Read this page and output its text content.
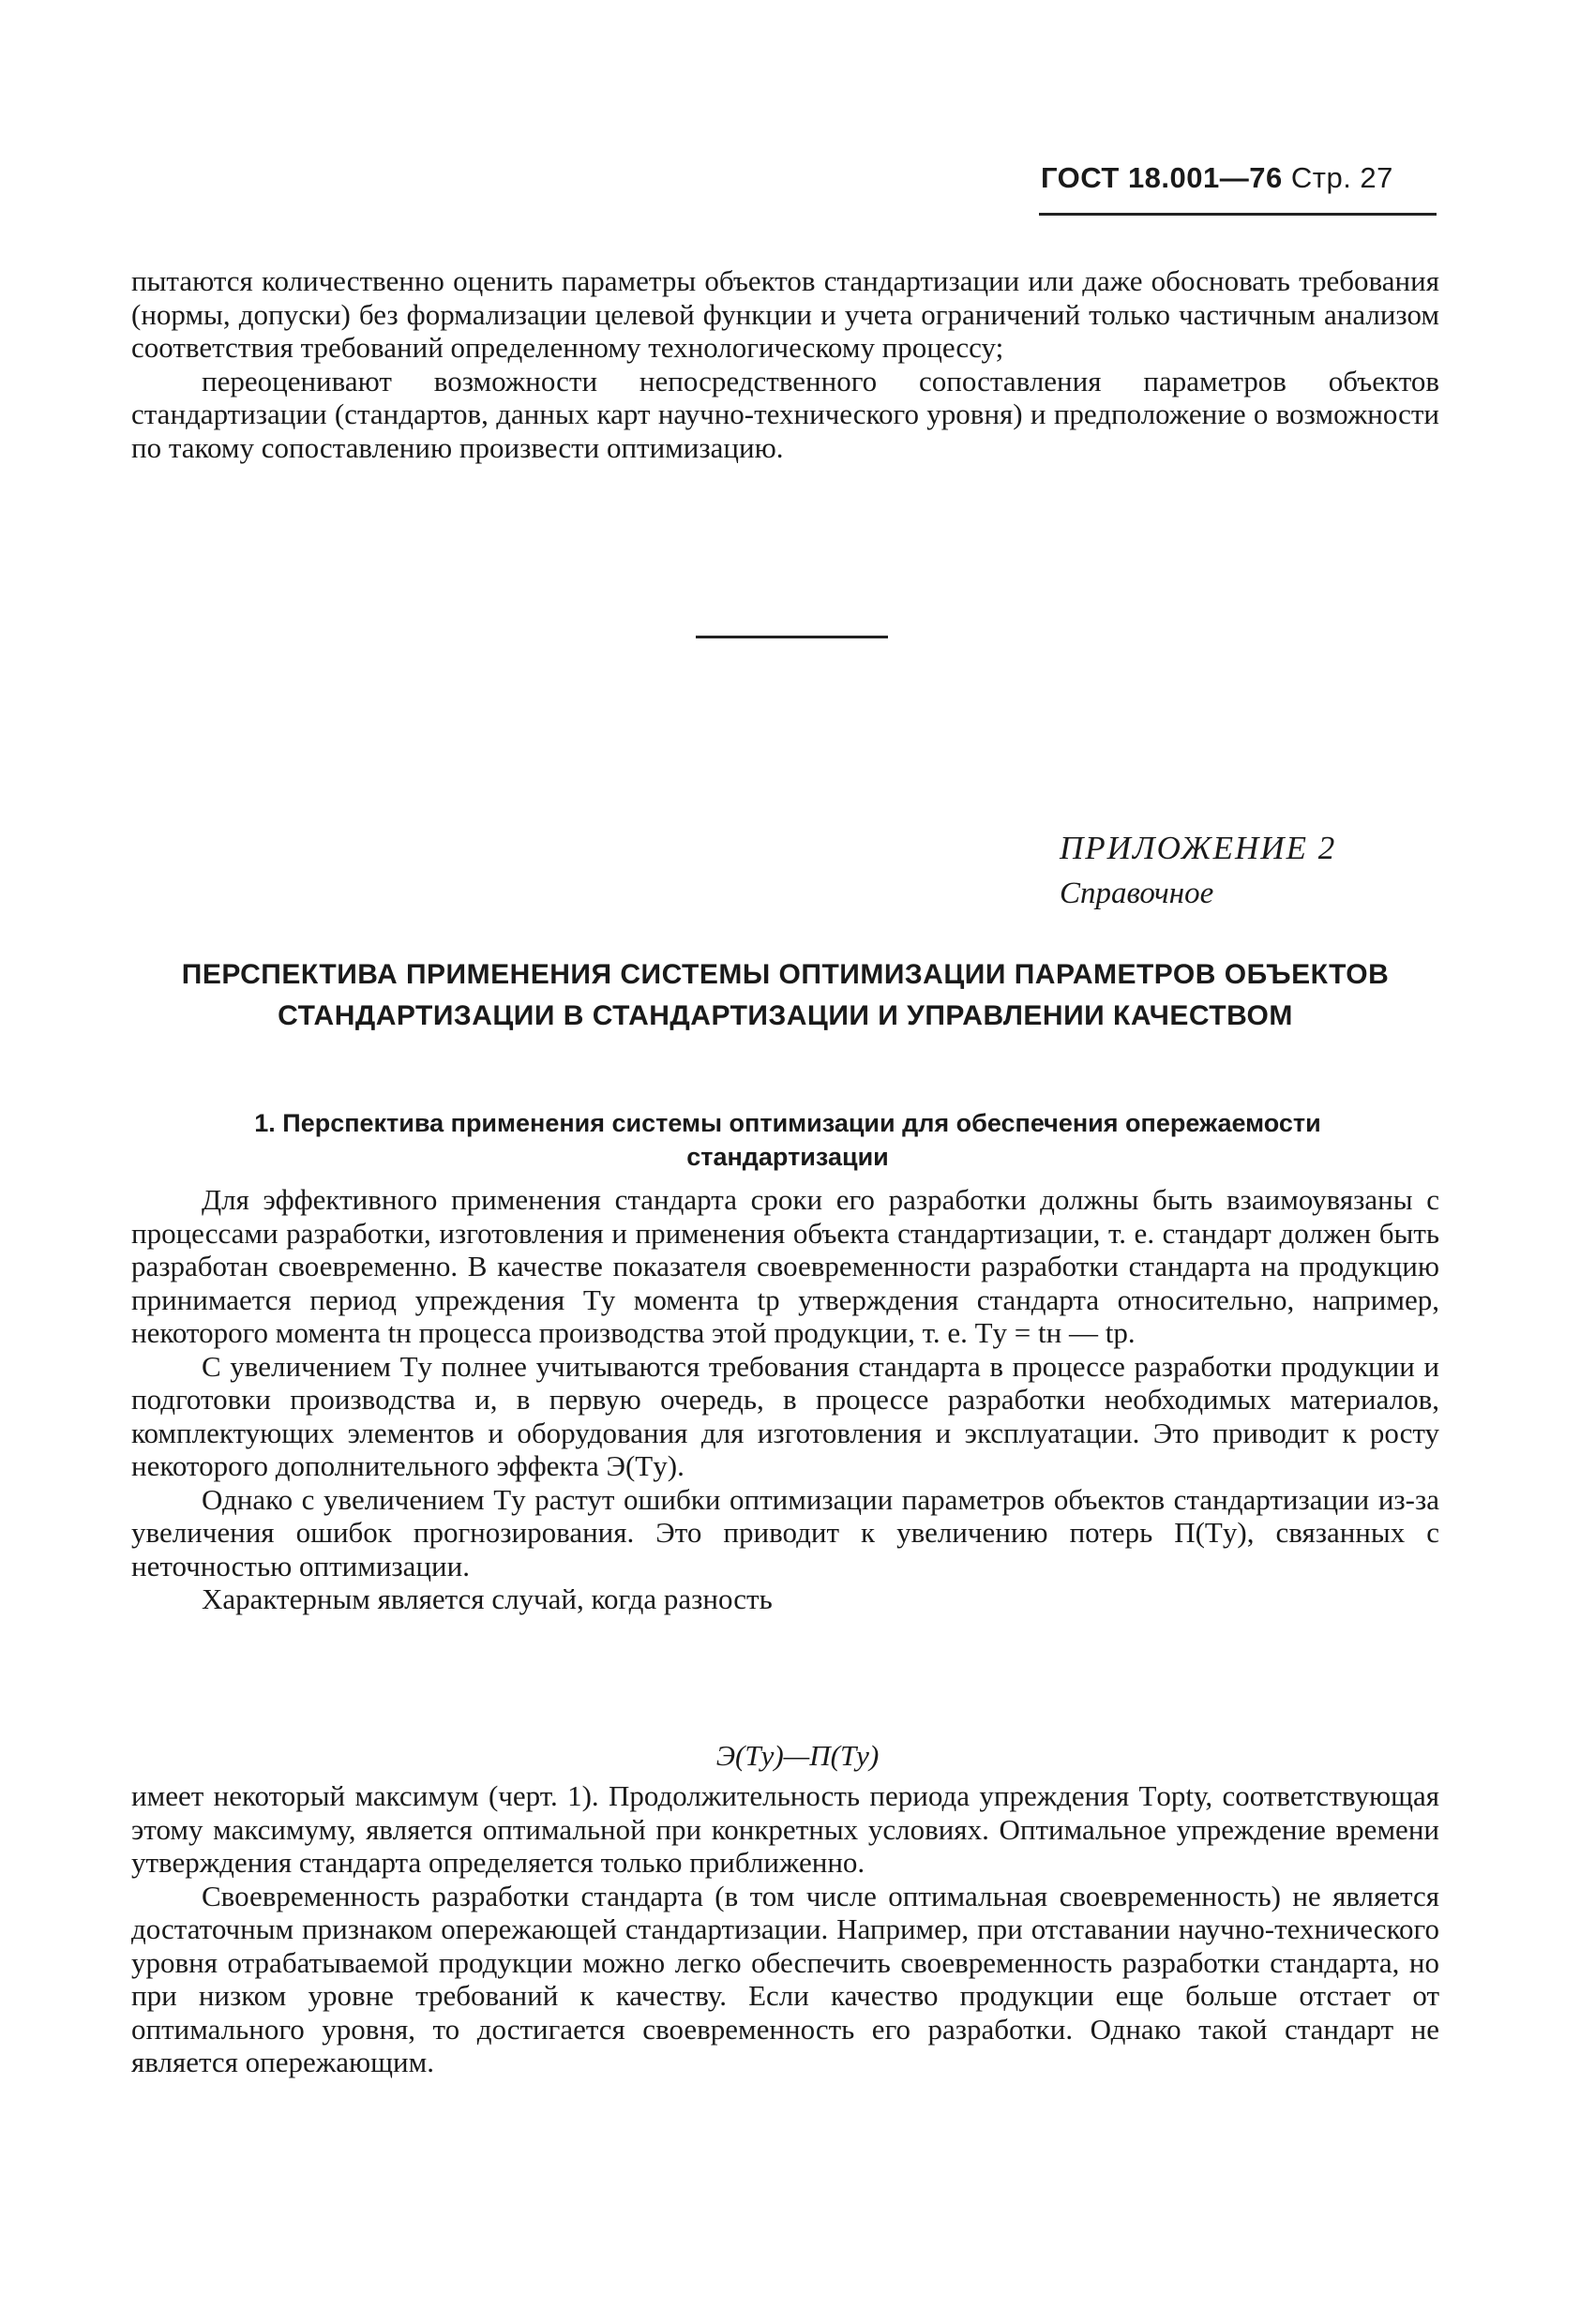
ГОСТ 18.001—76 Стр. 27

пытаются количественно оценить параметры объектов стандартизации или даже обосновать требования (нормы, допуски) без формализации целевой функции и учета ограничений только частичным анализом соответствия требований определенному технологическому процессу;

переоценивают возможности непосредственного сопоставления параметров объектов стандартизации (стандартов, данных карт научно-технического уровня) и предположение о возможности по такому сопоставлению произвести оптимизацию.

ПРИЛОЖЕНИЕ 2
Справочное
ПЕРСПЕКТИВА ПРИМЕНЕНИЯ СИСТЕМЫ ОПТИМИЗАЦИИ ПАРАМЕТРОВ ОБЪЕКТОВ СТАНДАРТИЗАЦИИ В СТАНДАРТИЗАЦИИ И УПРАВЛЕНИИ КАЧЕСТВОМ
1. Перспектива применения системы оптимизации для обеспечения опережаемости стандартизации

Для эффективного применения стандарта сроки его разработки должны быть взаимоувязаны с процессами разработки, изготовления и применения объекта стандартизации, т. е. стандарт должен быть разработан своевременно. В качестве показателя своевременности разработки стандарта на продукцию принимается период упреждения Tу момента tр утверждения стандарта относительно, например, некоторого момента tн процесса производства этой продукции, т. е. Tу = tн — tр.

С увеличением Tу полнее учитываются требования стандарта в процессе разработки продукции и подготовки производства и, в первую очередь, в процессе разработки необходимых материалов, комплектующих элементов и оборудования для изготовления и эксплуатации. Это приводит к росту некоторого дополнительного эффекта Э(Tу).

Однако с увеличением Tу растут ошибки оптимизации параметров объектов стандартизации из-за увеличения ошибок прогнозирования. Это приводит к увеличению потерь П(Tу), связанных с неточностью оптимизации.

Характерным является случай, когда разность

Э(Tу)—П(Tу)

имеет некоторый максимум (черт. 1). Продолжительность периода упреждения Tорtу, соответствующая этому максимуму, является оптимальной при конкретных условиях. Оптимальное упреждение времени утверждения стандарта определяется только приближенно.

Своевременность разработки стандарта (в том числе оптимальная своевременность) не является достаточным признаком опережающей стандартизации. Например, при отставании научно-технического уровня отрабатываемой продукции можно легко обеспечить своевременность разработки стандарта, но при низком уровне требований к качеству. Если качество продукции еще больше отстает от оптимального уровня, то достигается своевременность его разработки. Однако такой стандарт не является опережающим.
